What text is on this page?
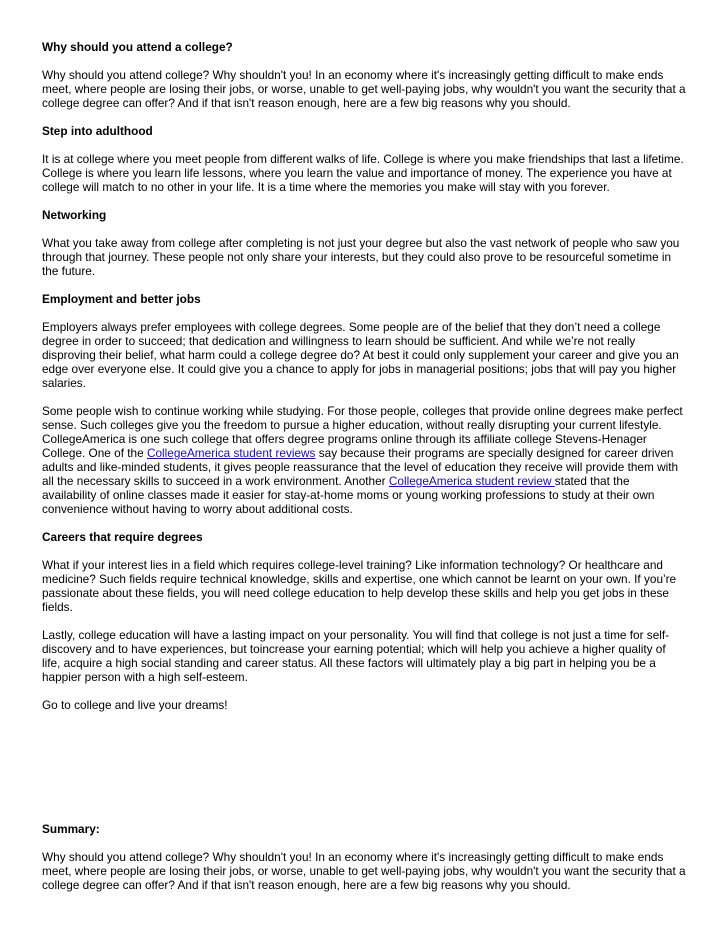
Why should you attend a college?

Why should you attend college? Why shouldn't you! In an economy where it's increasingly getting difficult to make ends meet, where people are losing their jobs, or worse, unable to get well-paying jobs, why wouldn't you want the security that a college degree can offer? And if that isn't reason enough, here are a few big reasons why you should.

Step into adulthood

It is at college where you meet people from different walks of life. College is where you make friendships that last a lifetime. College is where you learn life lessons, where you learn the value and importance of money. The experience you have at college will match to no other in your life. It is a time where the memories you make will stay with you forever.

Networking

What you take away from college after completing is not just your degree but also the vast network of people who saw you through that journey. These people not only share your interests, but they could also prove to be resourceful sometime in the future.

Employment and better jobs

Employers always prefer employees with college degrees. Some people are of the belief that they don’t need a college degree in order to succeed; that dedication and willingness to learn should be sufficient. And while we’re not really disproving their belief, what harm could a college degree do? At best it could only supplement your career and give you an edge over everyone else. It could give you a chance to apply for jobs in managerial positions; jobs that will pay you higher salaries.

Some people wish to continue working while studying. For those people, colleges that provide online degrees make perfect sense. Such colleges give you the freedom to pursue a higher education, without really disrupting your current lifestyle. CollegeAmerica is one such college that offers degree programs online through its affiliate college Stevens-Henager College. One of the CollegeAmerica student reviews say because their programs are specially designed for career driven adults and like-minded students, it gives people reassurance that the level of education they receive will provide them with all the necessary skills to succeed in a work environment. Another CollegeAmerica student review stated that the availability of online classes made it easier for stay-at-home moms or young working professions to study at their own convenience without having to worry about additional costs.

Careers that require degrees

What if your interest lies in a field which requires college-level training? Like information technology? Or healthcare and medicine? Such fields require technical knowledge, skills and expertise, one which cannot be learnt on your own. If you’re passionate about these fields, you will need college education to help develop these skills and help you get jobs in these fields.

Lastly, college education will have a lasting impact on your personality. You will find that college is not just a time for self-discovery and to have experiences, but toincrease your earning potential; which will help you achieve a higher quality of life, acquire a high social standing and career status. All these factors will ultimately play a big part in helping you be a happier person with a high self-esteem.

Go to college and live your dreams!

Summary:

Why should you attend college? Why shouldn't you! In an economy where it's increasingly getting difficult to make ends meet, where people are losing their jobs, or worse, unable to get well-paying jobs, why wouldn't you want the security that a college degree can offer? And if that isn't reason enough, here are a few big reasons why you should.
